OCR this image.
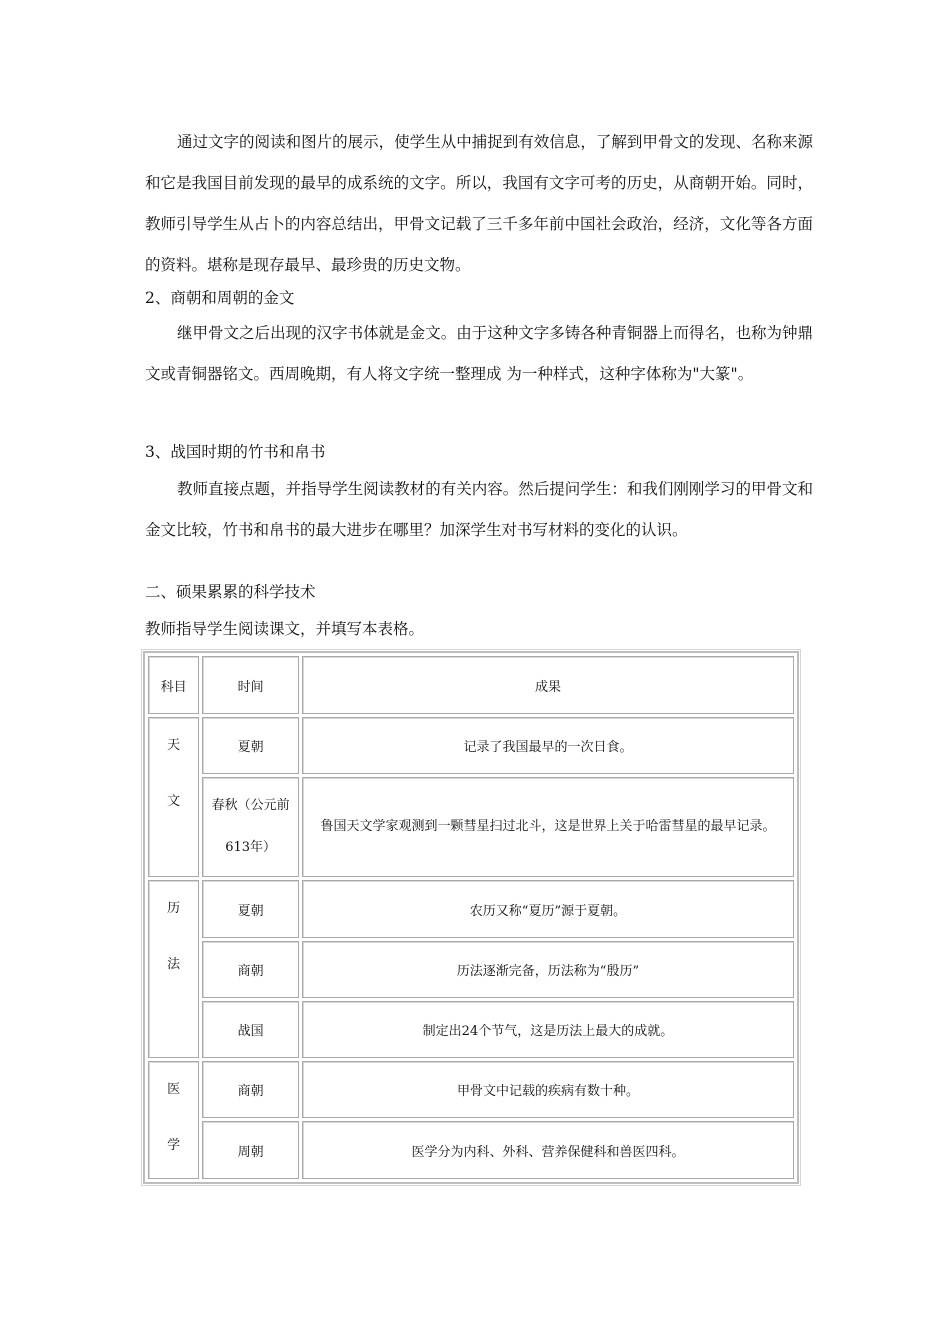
通过文字的阅读和图片的展示，使学生从中捕捉到有效信息，了解到甲骨文的发现、名称来源和它是我国目前发现的最早的成系统的文字。所以，我国有文字可考的历史，从商朝开始。同时，教师引导学生从占卜的内容总结出，甲骨文记载了三千多年前中国社会政治，经济，文化等各方面的资料。堪称是现存最早、最珍贵的历史文物。

2、商朝和周朝的金文

继甲骨文之后出现的汉字书体就是金文。由于这种文字多铸各种青铜器上而得名，也称为钟鼎文或青铜器铭文。西周晚期，有人将文字统一整理成 为一种样式，这种字体称为"大篆"。

3、战国时期的竹书和帛书

教师直接点题，并指导学生阅读教材的有关内容。然后提问学生：和我们刚刚学习的甲骨文和金文比较，竹书和帛书的最大进步在哪里？加深学生对书写材料的变化的认识。

二、硕果累累的科学技术

教师指导学生阅读课文，并填写本表格。

科目	时间	成果

天
文	夏朝	记录了我国最早的一次日食。
	春秋（公元前613年）	鲁国天文学家观测到一颗彗星扫过北斗，这是世界上关于哈雷彗星的最早记录。

历
法	夏朝	农历又称“夏历”源于夏朝。
	商朝	历法逐渐完备，历法称为“殷历”
	战国	制定出24个节气，这是历法上最大的成就。

医
学	商朝	甲骨文中记载的疾病有数十种。
	周朝	医学分为内科、外科、营养保健科和兽医四科。
